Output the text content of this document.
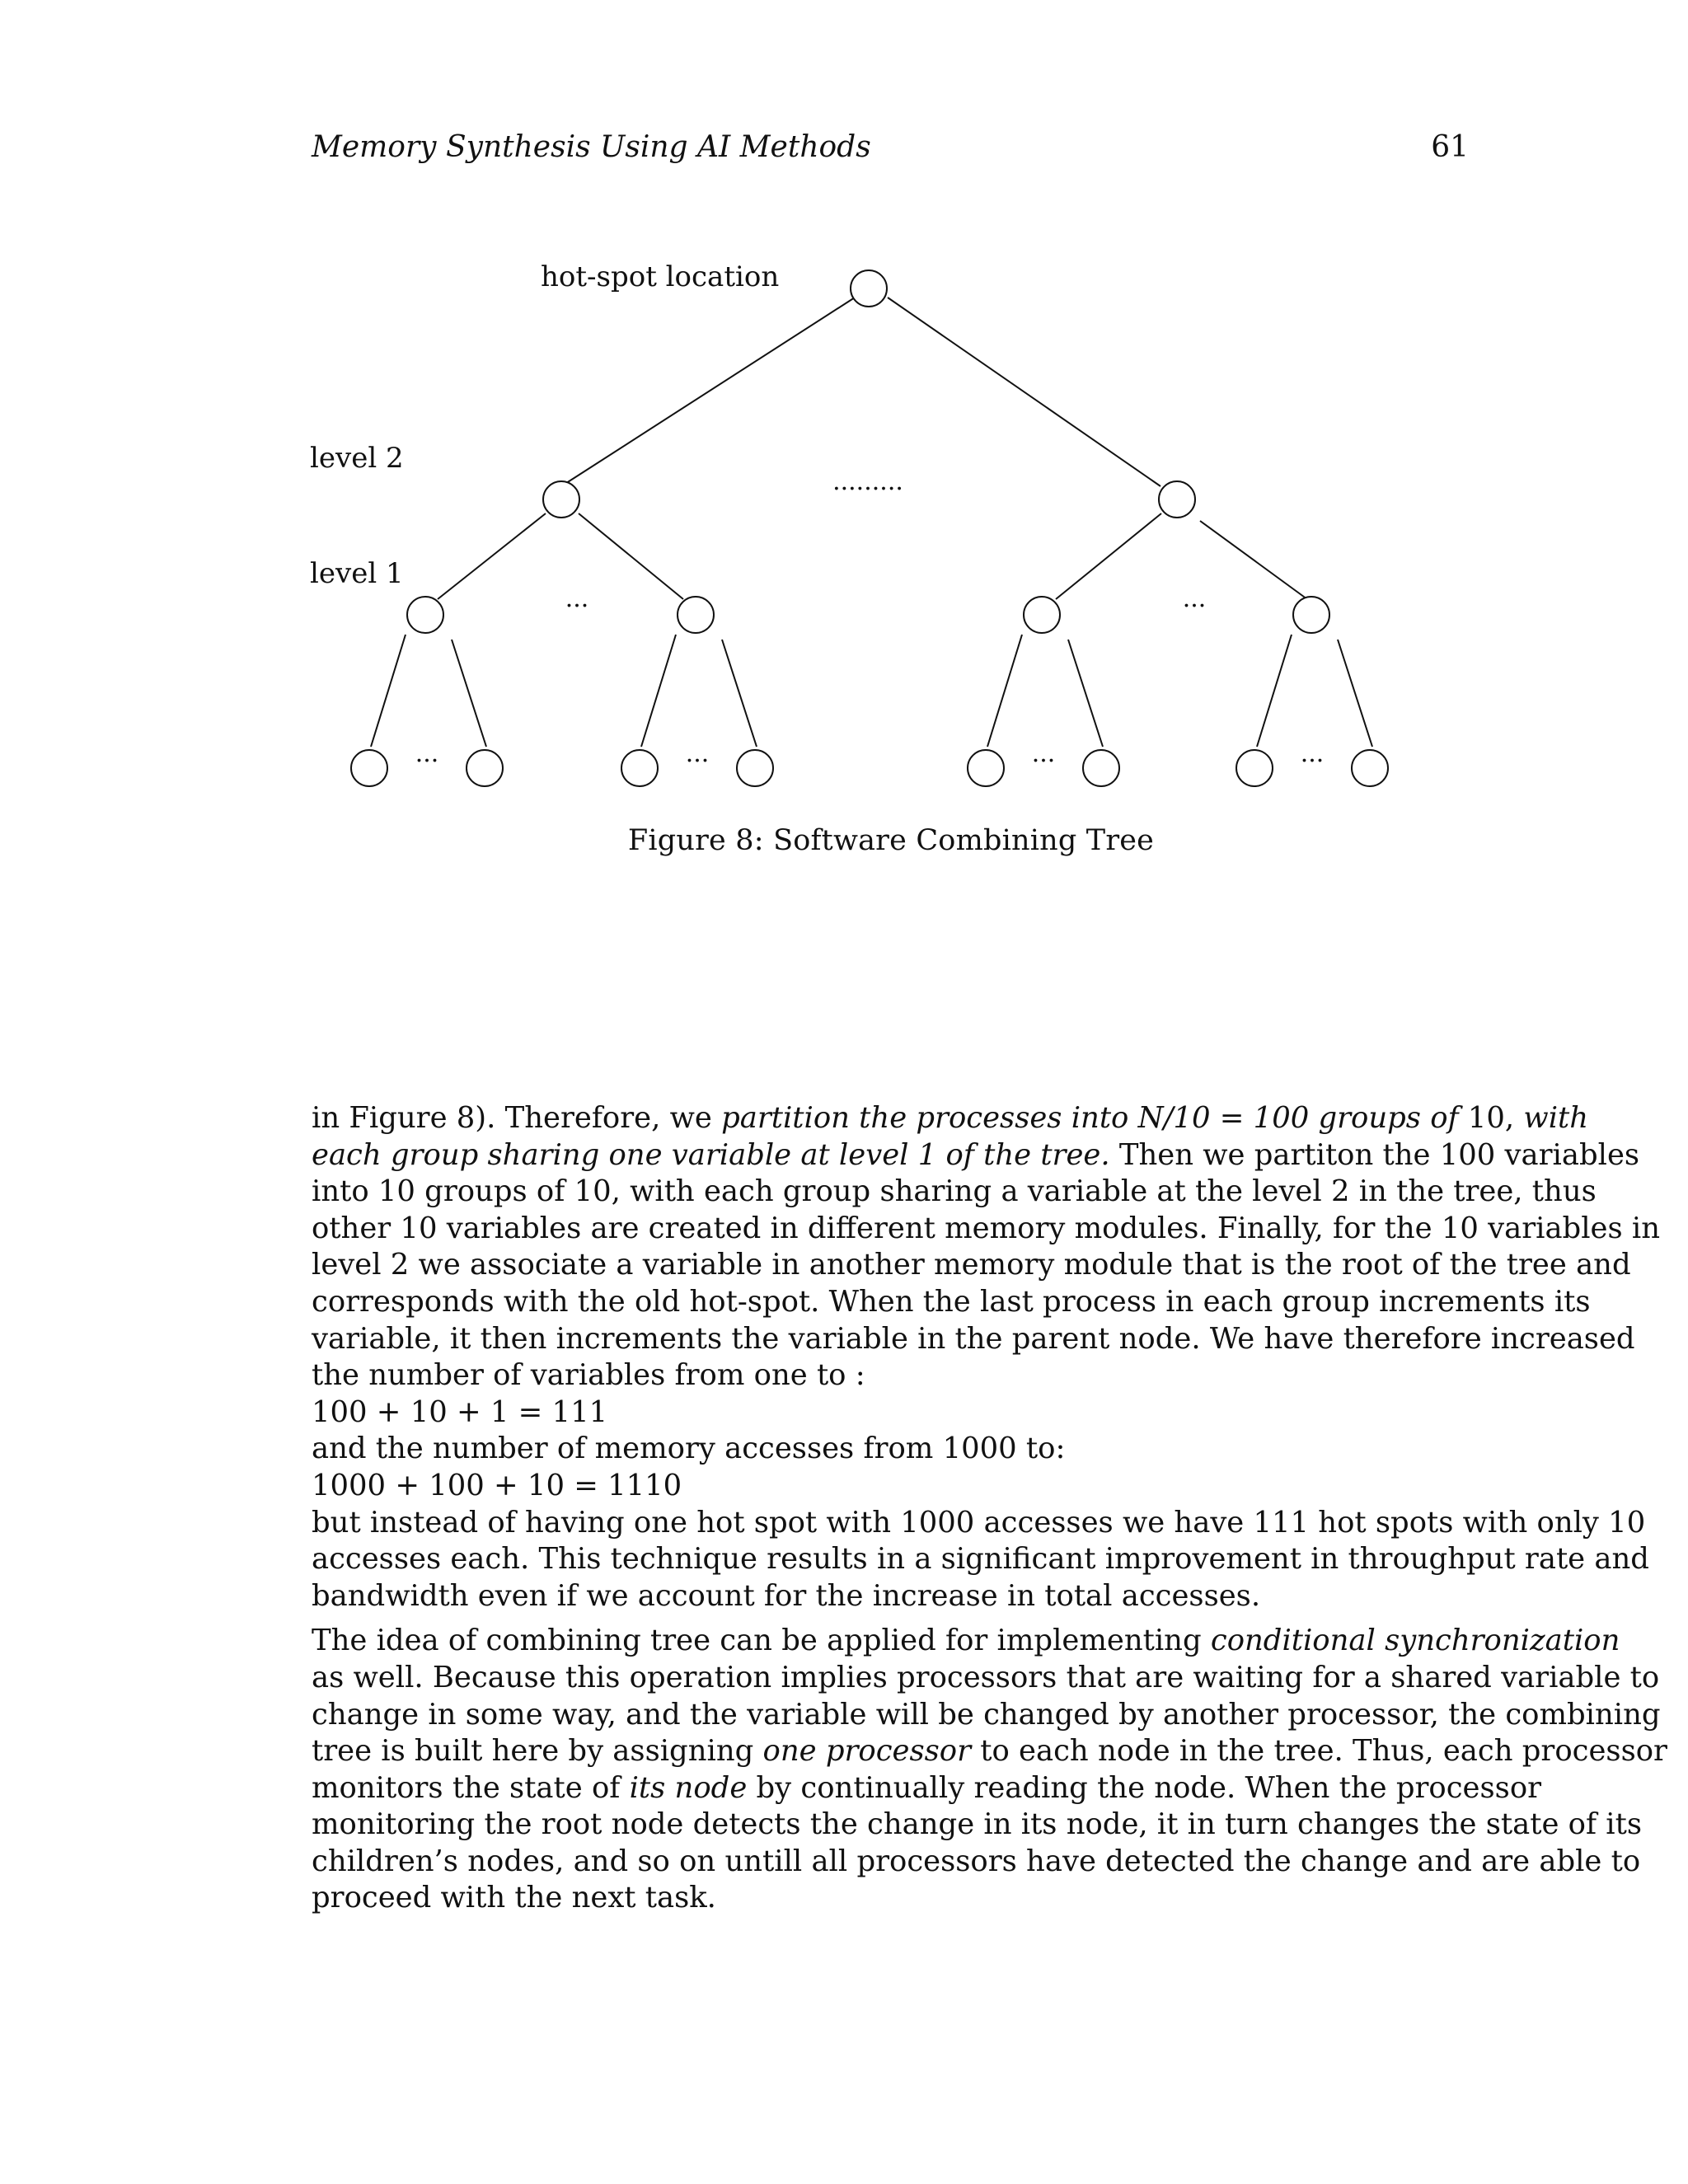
Memory Synthesis Using AI Methods	61
·········
···	···
···	···	···	···
hot-spot location
level 2
level 1
Figure 8: Software Combining Tree

in Figure 8). Therefore, we partition the processes into N/10 = 100 groups of 10, with
each group sharing one variable at level 1 of the tree. Then we partiton the 100 variables
into 10 groups of 10, with each group sharing a variable at the level 2 in the tree, thus
other 10 variables are created in different memory modules. Finally, for the 10 variables in
level 2 we associate a variable in another memory module that is the root of the tree and
corresponds with the old hot-spot. When the last process in each group increments its
variable, it then increments the variable in the parent node. We have therefore increased
the number of variables from one to :
100 + 10 + 1 = 111
and the number of memory accesses from 1000 to:
1000 + 100 + 10 = 1110
but instead of having one hot spot with 1000 accesses we have 111 hot spots with only 10
accesses each. This technique results in a significant improvement in throughput rate and
bandwidth even if we account for the increase in total accesses.

The idea of combining tree can be applied for implementing conditional synchronization
as well. Because this operation implies processors that are waiting for a shared variable to
change in some way, and the variable will be changed by another processor, the combining
tree is built here by assigning one processor to each node in the tree. Thus, each processor
monitors the state of its node by continually reading the node. When the processor
monitoring the root node detects the change in its node, it in turn changes the state of its
children’s nodes, and so on untill all processors have detected the change and are able to
proceed with the next task.
